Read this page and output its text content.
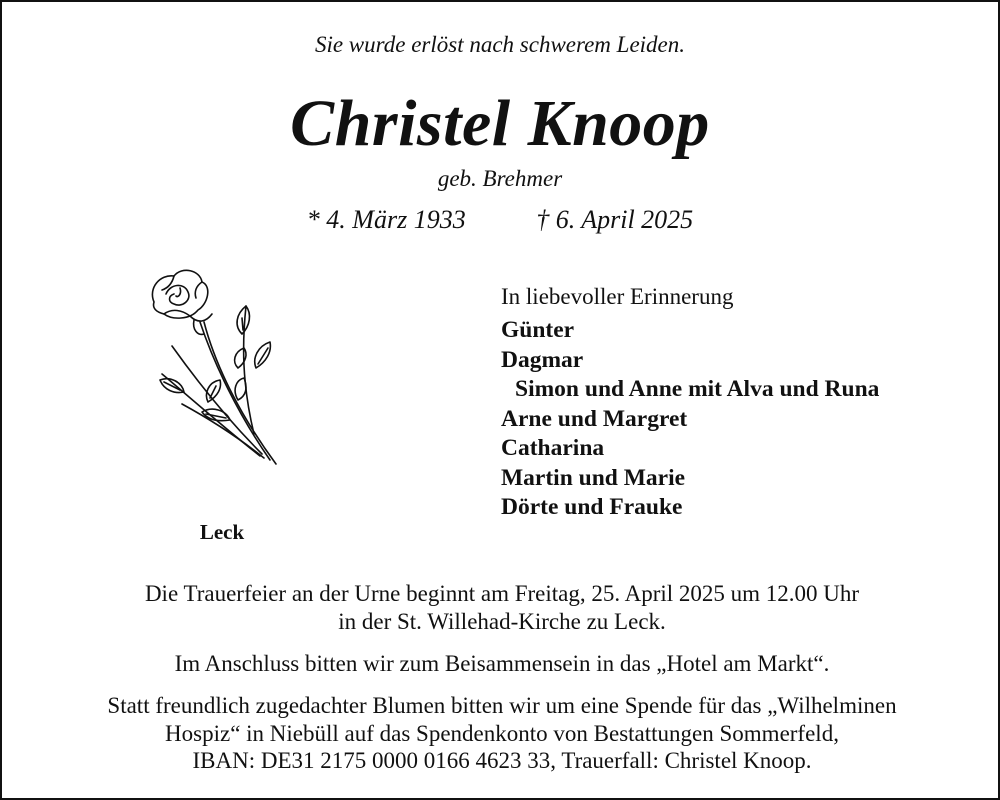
Sie wurde erlöst nach schwerem Leiden.
Christel Knoop
geb. Brehmer
* 4. März 1933	† 6. April 2025
Leck
In liebevoller Erinnerung
Günter
Dagmar
Simon und Anne mit Alva und Runa
Arne und Margret
Catharina
Martin und Marie
Dörte und Frauke
Die Trauerfeier an der Urne beginnt am Freitag, 25. April 2025 um 12.00 Uhr
in der St. Willehad-Kirche zu Leck.
Im Anschluss bitten wir zum Beisammensein in das „Hotel am Markt“.
Statt freundlich zugedachter Blumen bitten wir um eine Spende für das „Wilhelminen
Hospiz“ in Niebüll auf das Spendenkonto von Bestattungen Sommerfeld,
IBAN: DE31 2175 0000 0166 4623 33, Trauerfall: Christel Knoop.
